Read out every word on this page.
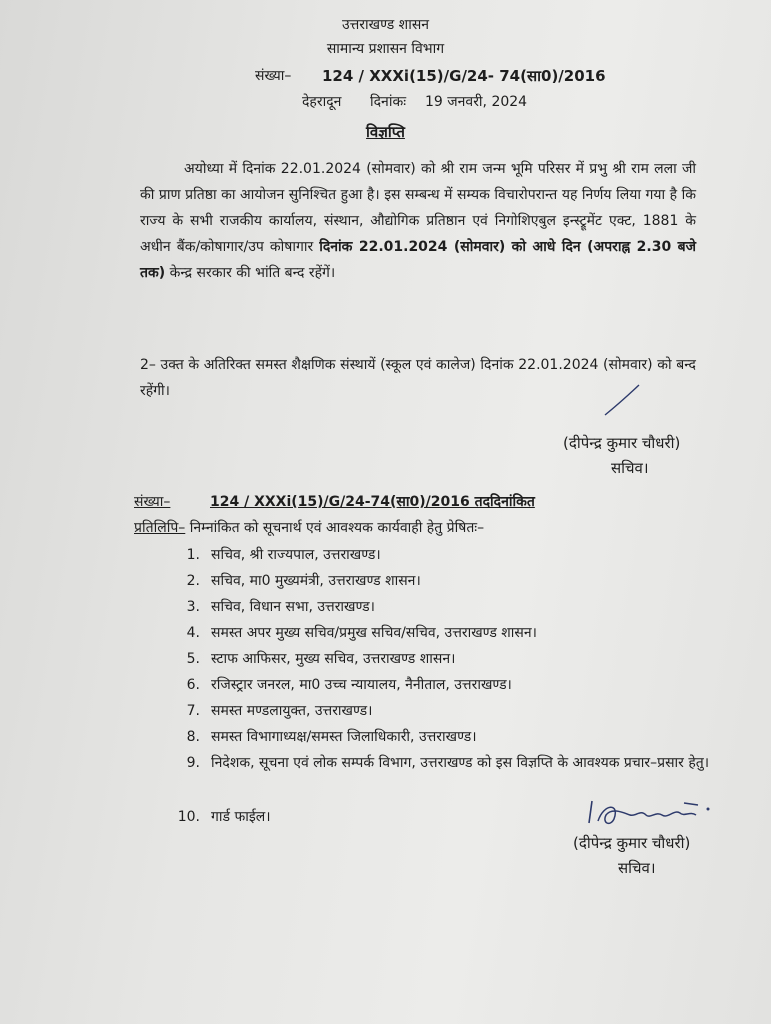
उत्तराखण्ड शासन
सामान्य प्रशासन विभाग
संख्या– 124 / XXXi(15)/G/24- 74(सा0)/2016
देहरादून दिनांकः 19 जनवरी, 2024
विज्ञप्ति
अयोध्या में दिनांक 22.01.2024 (सोमवार) को श्री राम जन्म भूमि परिसर में प्रभु श्री राम लला जी की प्राण प्रतिष्ठा का आयोजन सुनिश्चित हुआ है। इस सम्बन्ध में सम्यक विचारोपरान्त यह निर्णय लिया गया है कि राज्य के सभी राजकीय कार्यालय, संस्थान, औद्योगिक प्रतिष्ठान एवं निगोशिएबुल इन्स्ट्रूमेंट एक्ट, 1881 के अधीन बैंक/कोषागार/उप कोषागार दिनांक 22.01.2024 (सोमवार) को आधे दिन (अपराह्न 2.30 बजे तक) केन्द्र सरकार की भांति बन्द रहेंगें।
2– उक्त के अतिरिक्त समस्त शैक्षणिक संस्थायें (स्कूल एवं कालेज) दिनांक 22.01.2024 (सोमवार) को बन्द रहेंगी।
(दीपेन्द्र कुमार चौधरी)
सचिव।
संख्या–	124 / XXXi(15)/G/24-74(सा0)/2016 तददिनांकित
प्रतिलिपि– निम्नांकित को सूचनार्थ एवं आवश्यक कार्यवाही हेतु प्रेषितः–
1. सचिव, श्री राज्यपाल, उत्तराखण्ड।
2. सचिव, मा0 मुख्यमंत्री, उत्तराखण्ड शासन।
3. सचिव, विधान सभा, उत्तराखण्ड।
4. समस्त अपर मुख्य सचिव/प्रमुख सचिव/सचिव, उत्तराखण्ड शासन।
5. स्टाफ आफिसर, मुख्य सचिव, उत्तराखण्ड शासन।
6. रजिस्ट्रार जनरल, मा0 उच्च न्यायालय, नैनीताल, उत्तराखण्ड।
7. समस्त मण्डलायुक्त, उत्तराखण्ड।
8. समस्त विभागाध्यक्ष/समस्त जिलाधिकारी, उत्तराखण्ड।
9. निदेशक, सूचना एवं लोक सम्पर्क विभाग, उत्तराखण्ड को इस विज्ञप्ति के आवश्यक प्रचार–प्रसार हेतु।
10. गार्ड फाईल।
(दीपेन्द्र कुमार चौधरी)
सचिव।
